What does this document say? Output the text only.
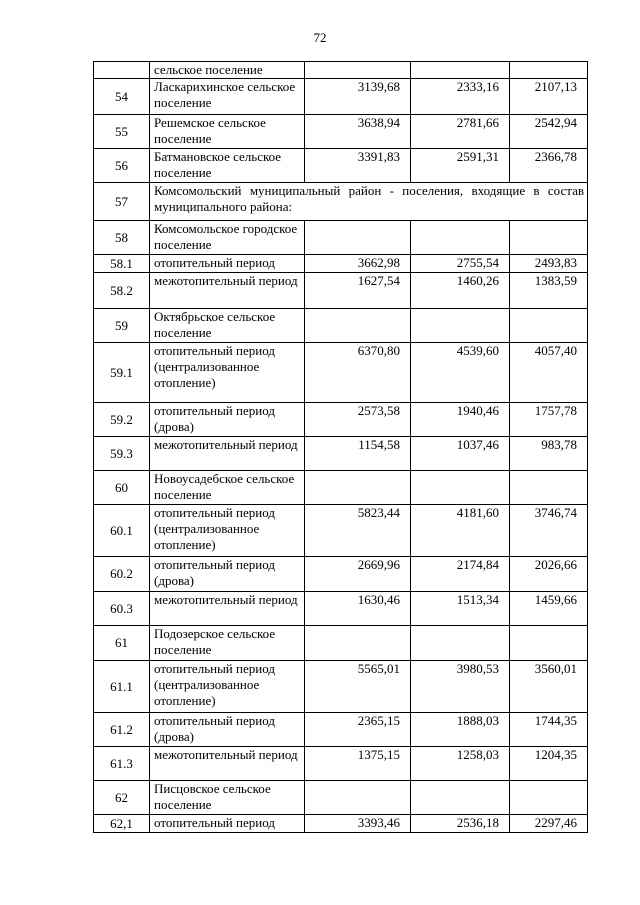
72
	сельское поселение			
54	Ласкарихинское сельское поселение	3139,68	2333,16	2107,13
55	Решемское сельское поселение	3638,94	2781,66	2542,94
56	Батмановское сельское поселение	3391,83	2591,31	2366,78
57	Комсомольский муниципальный район - поселения, входящие в состав муниципального района:			
58	Комсомольское городское поселение			
58.1	отопительный период	3662,98	2755,54	2493,83
58.2	межотопительный период	1627,54	1460,26	1383,59
59	Октябрьское сельское поселение			
59.1	отопительный период (централизованное отопление)	6370,80	4539,60	4057,40
59.2	отопительный период (дрова)	2573,58	1940,46	1757,78
59.3	межотопительный период	1154,58	1037,46	983,78
60	Новоусадебское сельское поселение			
60.1	отопительный период (централизованное отопление)	5823,44	4181,60	3746,74
60.2	отопительный период (дрова)	2669,96	2174,84	2026,66
60.3	межотопительный период	1630,46	1513,34	1459,66
61	Подозерское сельское поселение			
61.1	отопительный период (централизованное отопление)	5565,01	3980,53	3560,01
61.2	отопительный период (дрова)	2365,15	1888,03	1744,35
61.3	межотопительный период	1375,15	1258,03	1204,35
62	Писцовское сельское поселение			
62,1	отопительный период	3393,46	2536,18	2297,46
